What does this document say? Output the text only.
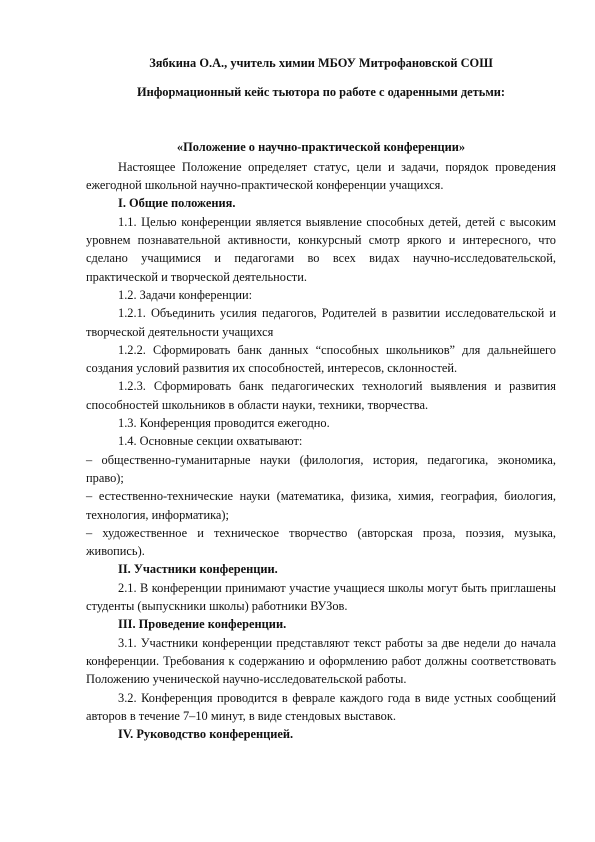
Зябкина О.А., учитель химии МБОУ Митрофановской СОШ
Информационный кейс тьютора по работе с одаренными детьми:
«Положение о научно-практической конференции»

Настоящее Положение определяет статус, цели и задачи, порядок проведения ежегодной школьной научно-практической конференции учащихся.

I. Общие положения.

1.1. Целью конференции является выявление способных детей, детей с высоким уровнем познавательной активности, конкурсный смотр яркого и интересного, что сделано учащимися и педагогами во всех видах научно-исследовательской, практической и творческой деятельности.

1.2. Задачи конференции:

1.2.1. Объединить усилия педагогов, Родителей в развитии исследовательской и творческой деятельности учащихся

1.2.2. Сформировать банк данных “способных школьников” для дальнейшего создания условий развития их способностей, интересов, склонностей.

1.2.3. Сформировать банк педагогических технологий выявления и развития способностей школьников в области науки, техники, творчества.

1.3. Конференция проводится ежегодно.

1.4. Основные секции охватывают:

– общественно-гуманитарные науки (филология, история, педагогика, экономика, право);

– естественно-технические науки (математика, физика, химия, география, биология, технология, информатика);

– художественное и техническое творчество (авторская проза, поэзия, музыка, живопись).

II. Участники конференции.

2.1. В конференции принимают участие учащиеся школы могут быть приглашены студенты (выпускники школы) работники ВУЗов.

III. Проведение конференции.

3.1. Участники конференции представляют текст работы за две недели до начала конференции. Требования к содержанию и оформлению работ должны соответствовать Положению ученической научно-исследовательской работы.

3.2. Конференция проводится в феврале каждого года в виде устных сообщений авторов в течение 7–10 минут, в виде стендовых выставок.

IV. Руководство конференцией.
